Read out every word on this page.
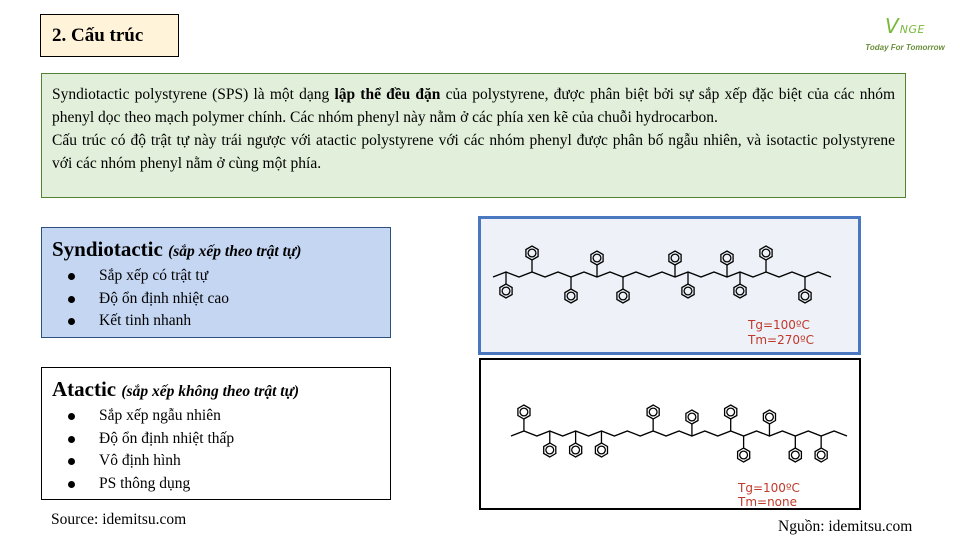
2. Cấu trúc	VNGE
Today For Tomorrow

Syndiotactic polystyrene (SPS) là một dạng lập thể đều đặn của polystyrene, được phân biệt bởi sự sắp xếp đặc biệt của các nhóm phenyl dọc theo mạch polymer chính. Các nhóm phenyl này nằm ở các phía xen kẽ của chuỗi hydrocarbon.

Cấu trúc có độ trật tự này trái ngược với atactic polystyrene với các nhóm phenyl được phân bố ngẫu nhiên, và isotactic polystyrene với các nhóm phenyl nằm ở cùng một phía.

Syndiotactic (sắp xếp theo trật tự)
Sắp xếp có trật tự
Độ ổn định nhiệt cao
Kết tinh nhanh
Atactic (sắp xếp không theo trật tự)
Sắp xếp ngẫu nhiên
Độ ổn định nhiệt thấp
Vô định hình
PS thông dụng
Source: idemitsu.com	Nguồn: idemitsu.com
Tg=100ºC
Tm=270ºC
Tg=100ºC
Tm=none
